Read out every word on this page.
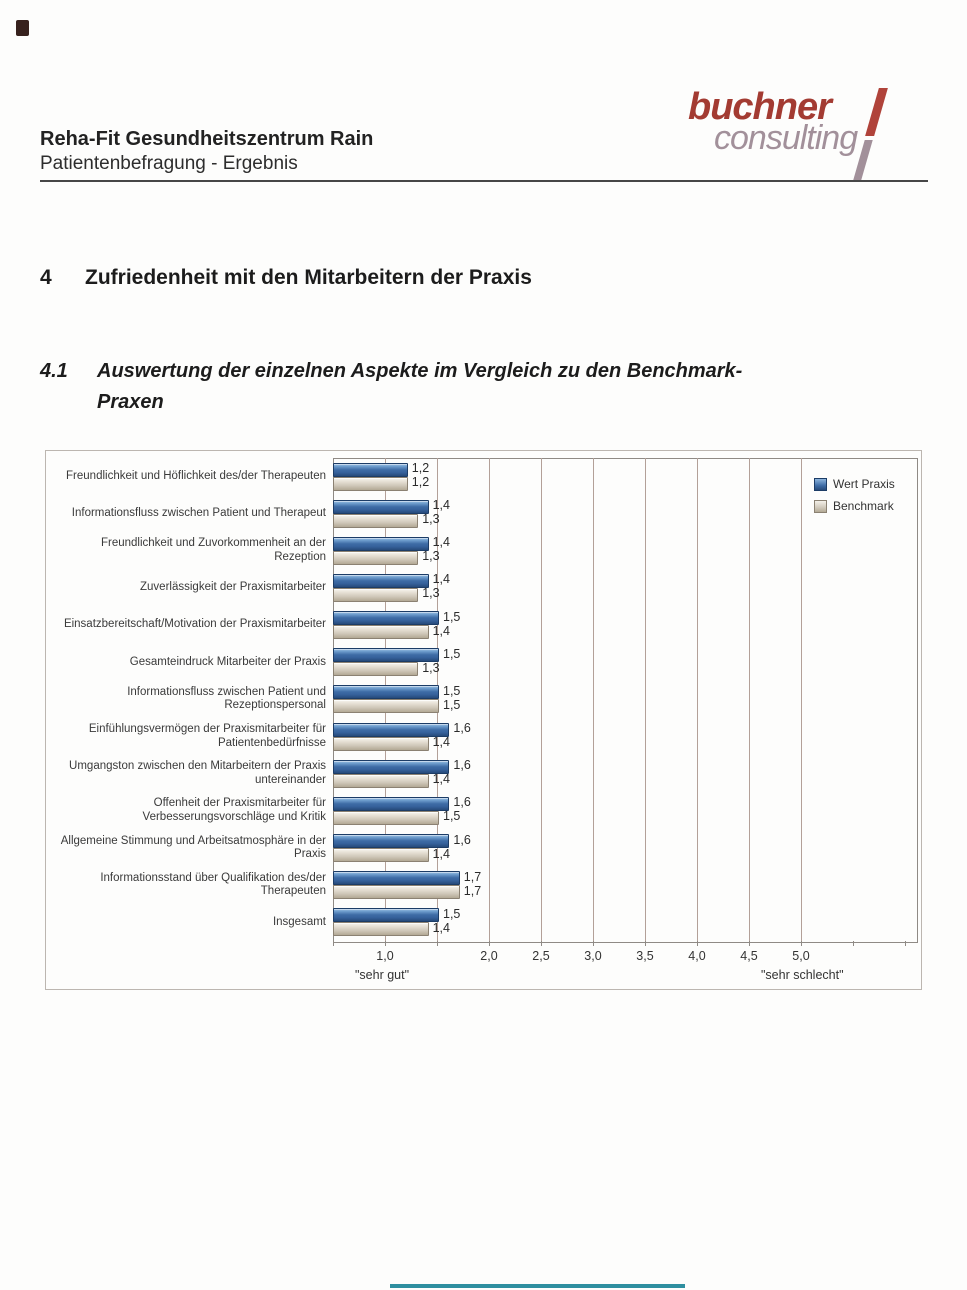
buchner
consulting
Reha-Fit Gesundheitszentrum Rain
Patientenbefragung - Ergebnis
4 Zufriedenheit mit den Mitarbeitern der Praxis
4.1 Auswertung der einzelnen Aspekte im Vergleich zu den Benchmark-Praxen
Wert Praxis
Benchmark
Freundlichkeit und Höflichkeit des/der Therapeuten
1,2
1,2
Informationsfluss zwischen Patient und Therapeut
1,4
1,3
Freundlichkeit und Zuvorkommenheit an der Rezeption
1,4
1,3
Zuverlässigkeit der Praxismitarbeiter
1,4
1,3
Einsatzbereitschaft/Motivation der Praxismitarbeiter
1,5
1,4
Gesamteindruck Mitarbeiter der Praxis
1,5
1,3
Informationsfluss zwischen Patient und Rezeptionspersonal
1,5
1,5
Einfühlungsvermögen der Praxismitarbeiter für Patientenbedürfnisse
1,6
1,4
Umgangston zwischen den Mitarbeitern der Praxis untereinander
1,6
1,4
Offenheit der Praxismitarbeiter für Verbesserungsvorschläge und Kritik
1,6
1,5
Allgemeine Stimmung und Arbeitsatmosphäre in der Praxis
1,6
1,4
Informationsstand über Qualifikation des/der Therapeuten
1,7
1,7
Insgesamt
1,5
1,4
1,0	2,0	2,5	3,0	3,5	4,0	4,5	5,0
"sehr gut"	"sehr schlecht"
